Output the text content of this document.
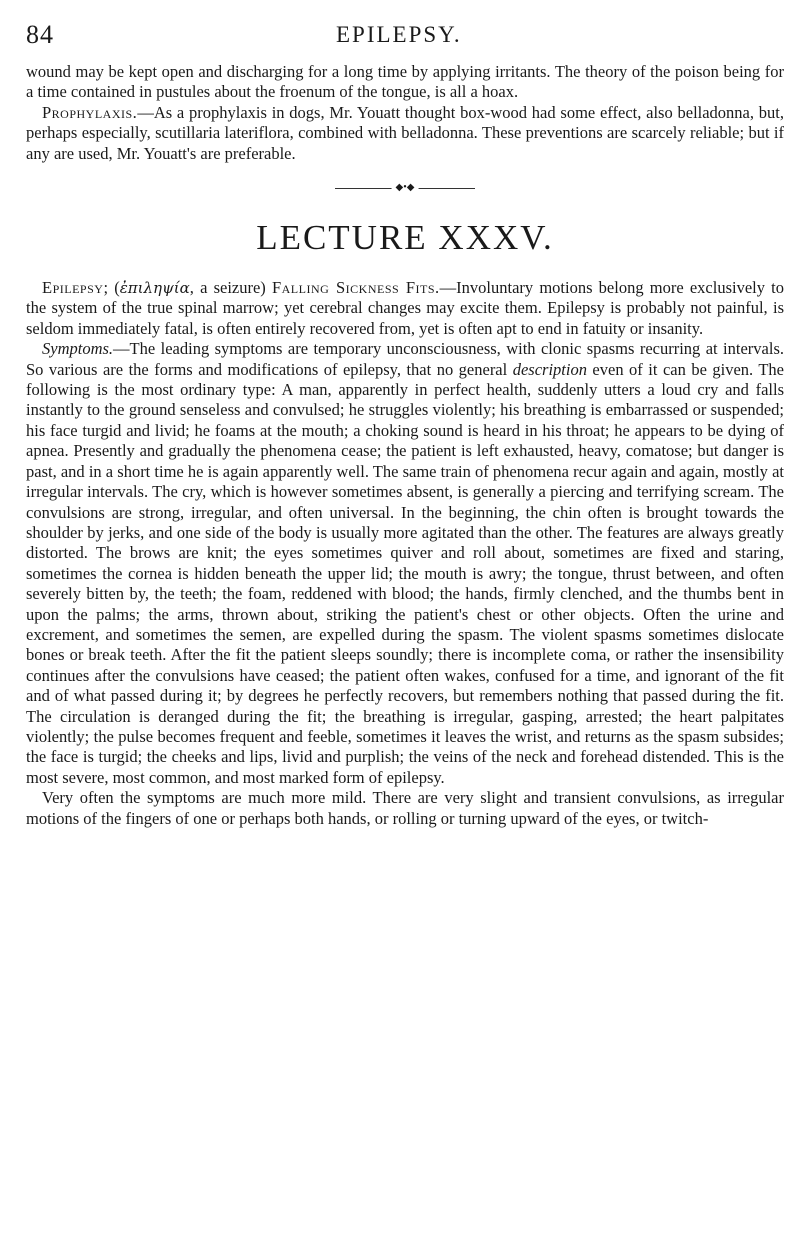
84	EPILEPSY.

wound may be kept open and discharging for a long time by applying irritants. The theory of the poison being for a time contained in pustules about the froenum of the tongue, is all a hoax.

Prophylaxis.—As a prophylaxis in dogs, Mr. Youatt thought box-wood had some effect, also belladonna, but, perhaps especially, scutillaria lateriflora, combined with belladonna. These preventions are scarcely reliable; but if any are used, Mr. Youatt's are preferable.

◆•◆
LECTURE XXXV.

Epilepsy; (ἐπιληψία, a seizure) Falling Sickness Fits.—Involuntary motions belong more exclusively to the system of the true spinal marrow; yet cerebral changes may excite them. Epilepsy is probably not painful, is seldom immediately fatal, is often entirely recovered from, yet is often apt to end in fatuity or insanity.

Symptoms.—The leading symptoms are temporary unconsciousness, with clonic spasms recurring at intervals. So various are the forms and modifications of epilepsy, that no general description even of it can be given. The following is the most ordinary type: A man, apparently in perfect health, suddenly utters a loud cry and falls instantly to the ground senseless and convulsed; he struggles violently; his breathing is embarrassed or suspended; his face turgid and livid; he foams at the mouth; a choking sound is heard in his throat; he appears to be dying of apnea. Presently and gradually the phenomena cease; the patient is left exhausted, heavy, comatose; but danger is past, and in a short time he is again apparently well. The same train of phenomena recur again and again, mostly at irregular intervals. The cry, which is however sometimes absent, is generally a piercing and terrifying scream. The convulsions are strong, irregular, and often universal. In the beginning, the chin often is brought towards the shoulder by jerks, and one side of the body is usually more agitated than the other. The features are always greatly distorted. The brows are knit; the eyes sometimes quiver and roll about, sometimes are fixed and staring, sometimes the cornea is hidden beneath the upper lid; the mouth is awry; the tongue, thrust between, and often severely bitten by, the teeth; the foam, reddened with blood; the hands, firmly clenched, and the thumbs bent in upon the palms; the arms, thrown about, striking the patient's chest or other objects. Often the urine and excrement, and sometimes the semen, are expelled during the spasm. The violent spasms sometimes dislocate bones or break teeth. After the fit the patient sleeps soundly; there is incomplete coma, or rather the insensibility continues after the convulsions have ceased; the patient often wakes, confused for a time, and ignorant of the fit and of what passed during it; by degrees he perfectly recovers, but remembers nothing that passed during the fit. The circulation is deranged during the fit; the breathing is irregular, gasping, arrested; the heart palpitates violently; the pulse becomes frequent and feeble, sometimes it leaves the wrist, and returns as the spasm subsides; the face is turgid; the cheeks and lips, livid and purplish; the veins of the neck and forehead distended. This is the most severe, most common, and most marked form of epilepsy.

Very often the symptoms are much more mild. There are very slight and transient convulsions, as irregular motions of the fingers of one or perhaps both hands, or rolling or turning upward of the eyes, or twitch-
